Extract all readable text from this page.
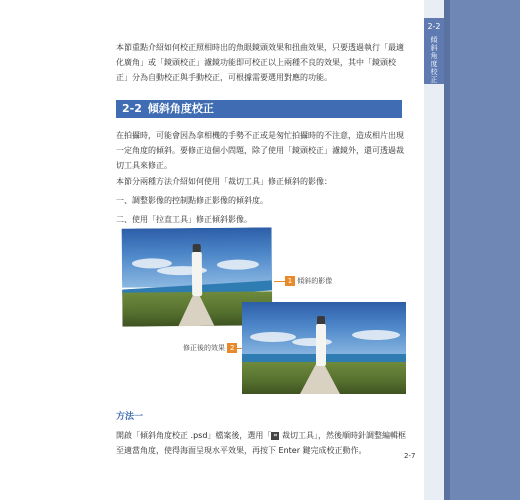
2-2
傾斜角度校正

本節重點介紹如何校正照相時出的魚眼鏡頭效果和扭曲效果，只要透過執行「最適化廣角」或「鏡頭校正」濾鏡功能即可校正以上兩種不良的效果，其中「鏡頭校正」分為自動校正與手動校正，可根據需要選用對應的功能。

2-2 傾斜角度校正

在拍攝時，可能會因為拿相機的手勢不正或是匆忙拍攝時的不注意，造成相片出現一定角度的傾斜。要修正這個小問題，除了使用「鏡頭校正」濾鏡外，還可透過裁切工具來修正。

本節分兩種方法介紹如何使用「裁切工具」修正傾斜的影像：

一、調整影像的控制點修正影像的傾斜度。

二、使用「拉直工具」修正傾斜影像。

1 傾斜的影像
修正後的效果 2
方法一

開啟「傾斜角度校正 .psd」檔案後，選用「 ⌗ 裁切工具」，然後順時針調整編輯框至適當角度，使得海面呈現水平效果，再按下 Enter 鍵完成校正動作。

2-7
